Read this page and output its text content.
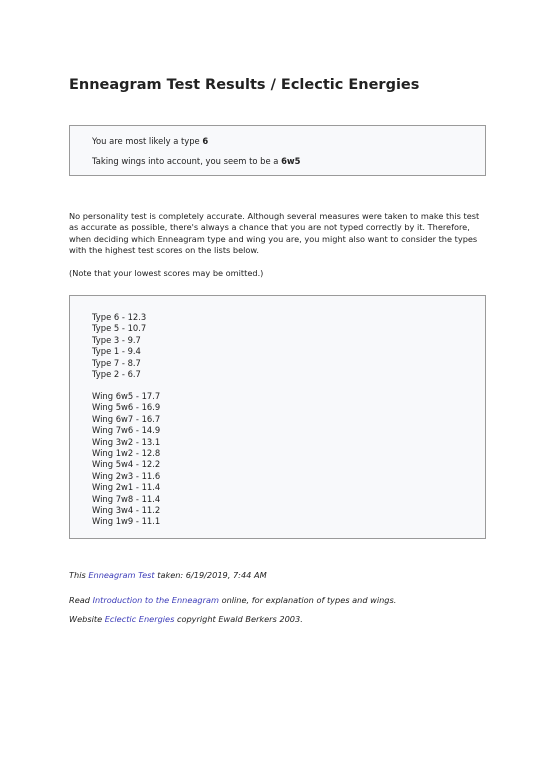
Enneagram Test Results / Eclectic Energies
You are most likely a type 6
Taking wings into account, you seem to be a 6w5
No personality test is completely accurate. Although several measures were taken to make this test as accurate as possible, there's always a chance that you are not typed correctly by it. Therefore, when deciding which Enneagram type and wing you are, you might also want to consider the types with the highest test scores on the lists below.
(Note that your lowest scores may be omitted.)
Type 6 - 12.3
Type 5 - 10.7
Type 3 - 9.7
Type 1 - 9.4
Type 7 - 8.7
Type 2 - 6.7
Wing 6w5 - 17.7
Wing 5w6 - 16.9
Wing 6w7 - 16.7
Wing 7w6 - 14.9
Wing 3w2 - 13.1
Wing 1w2 - 12.8
Wing 5w4 - 12.2
Wing 2w3 - 11.6
Wing 2w1 - 11.4
Wing 7w8 - 11.4
Wing 3w4 - 11.2
Wing 1w9 - 11.1
This Enneagram Test taken: 6/19/2019, 7:44 AM
Read Introduction to the Enneagram online, for explanation of types and wings.
Website Eclectic Energies copyright Ewald Berkers 2003.
